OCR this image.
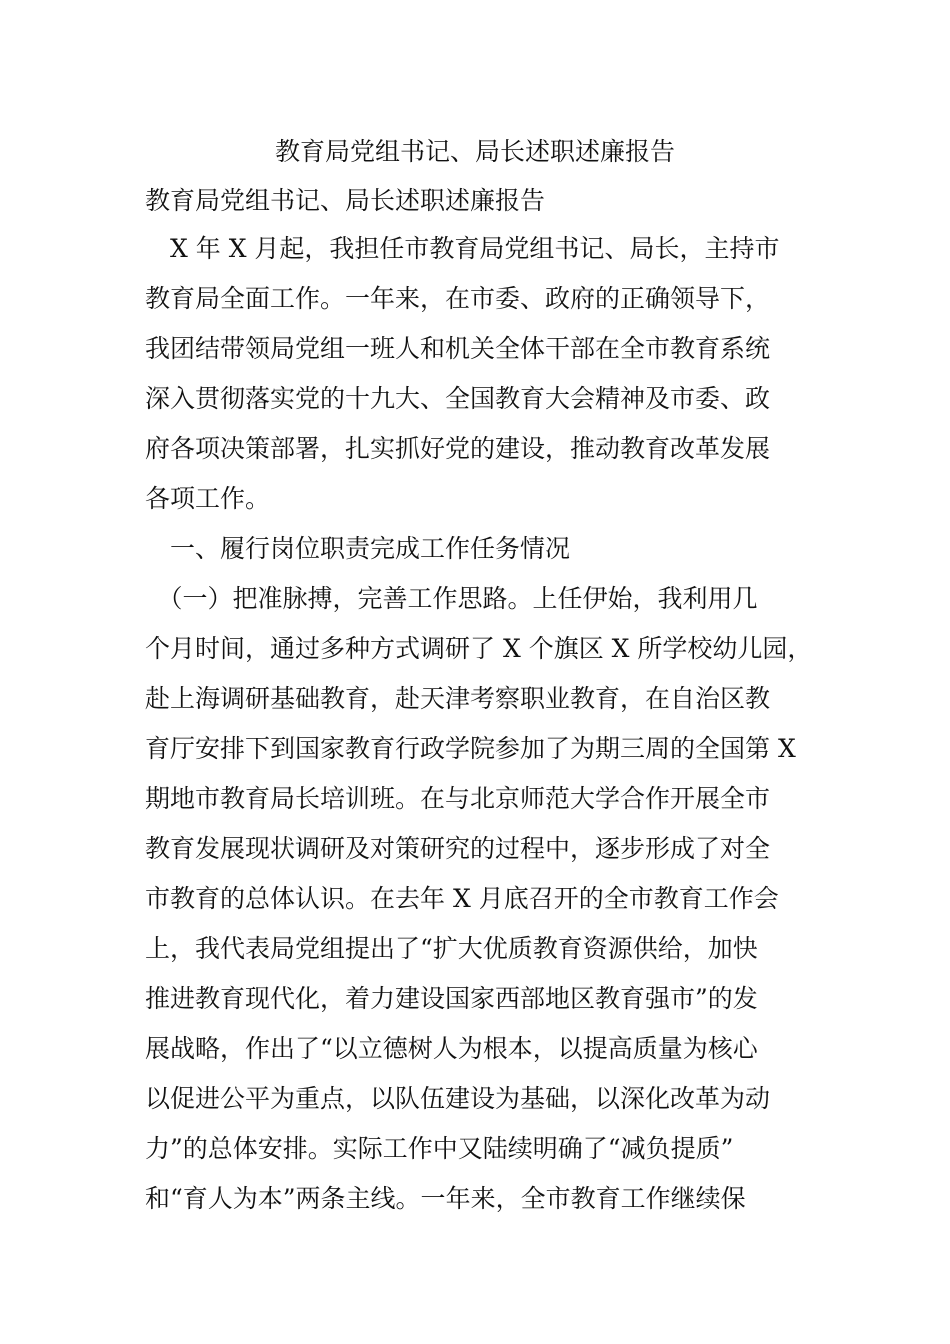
教育局党组书记、局长述职述廉报告
教育局党组书记、局长述职述廉报告
　X 年 X 月起，我担任市教育局党组书记、局长，主持市
教育局全面工作。一年来，在市委、政府的正确领导下，
我团结带领局党组一班人和机关全体干部在全市教育系统
深入贯彻落实党的十九大、全国教育大会精神及市委、政
府各项决策部署，扎实抓好党的建设，推动教育改革发展
各项工作。
　一、履行岗位职责完成工作任务情况
　（一）把准脉搏，完善工作思路。上任伊始，我利用几
个月时间，通过多种方式调研了 X 个旗区 X 所学校幼儿园，
赴上海调研基础教育，赴天津考察职业教育，在自治区教
育厅安排下到国家教育行政学院参加了为期三周的全国第 X
期地市教育局长培训班。在与北京师范大学合作开展全市
教育发展现状调研及对策研究的过程中，逐步形成了对全
市教育的总体认识。在去年 X 月底召开的全市教育工作会
上，我代表局党组提出了“扩大优质教育资源供给，加快
推进教育现代化，着力建设国家西部地区教育强市”的发
展战略，作出了“以立德树人为根本，以提高质量为核心
以促进公平为重点，以队伍建设为基础，以深化改革为动
力”的总体安排。实际工作中又陆续明确了“减负提质”
和“育人为本”两条主线。一年来，全市教育工作继续保
